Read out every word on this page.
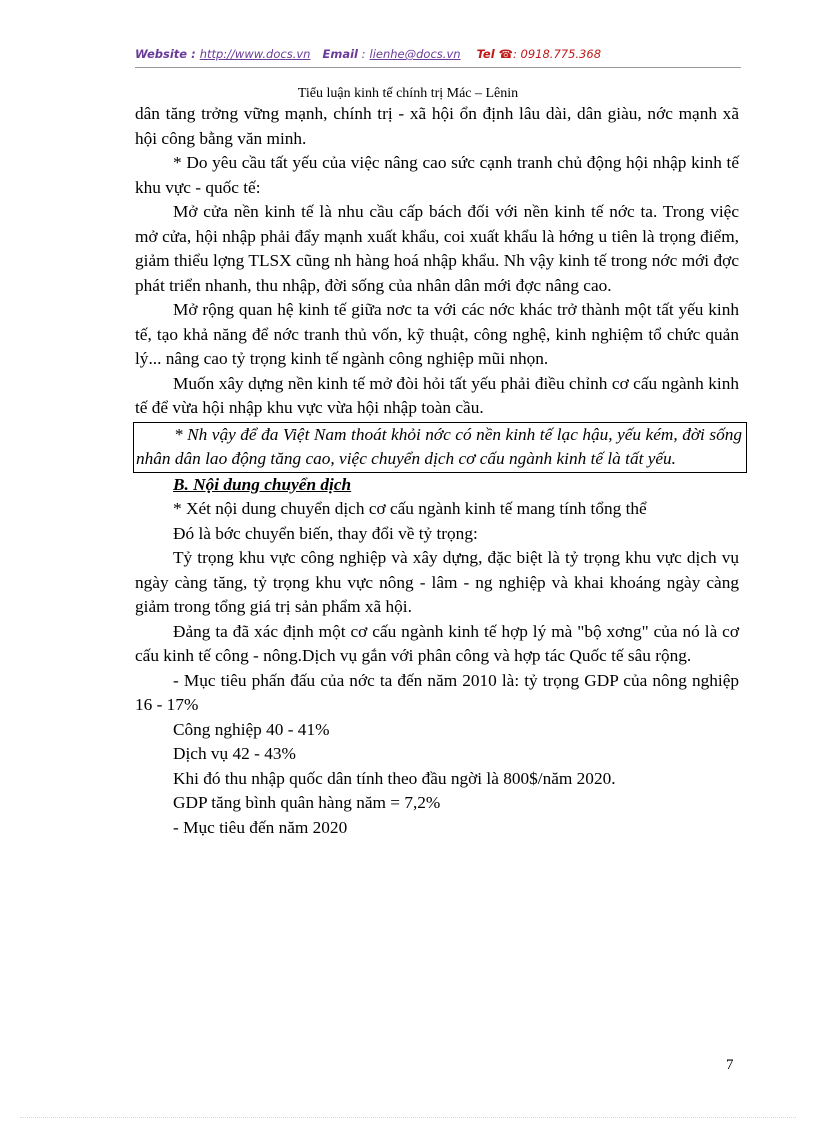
Website : http://www.docs.vn Email : lienhe@docs.vn Tel ☎: 0918.775.368
Tiểu luận kinh tế chính trị Mác – Lênin

dân tăng trởng vững mạnh, chính trị - xã hội ổn định lâu dài, dân giàu, nớc mạnh xã hội công bằng văn minh.

* Do yêu cầu tất yếu của việc nâng cao sức cạnh tranh chủ động hội nhập kinh tế khu vực - quốc tế:

Mở cửa nền kinh tế là nhu cầu cấp bách đối với nền kinh tế nớc ta. Trong việc mở cửa, hội nhập phải đẩy mạnh xuất khẩu, coi xuất khẩu là hớng u tiên là trọng điểm, giảm thiểu lợng TLSX cũng nh hàng hoá nhập khẩu. Nh vậy kinh tế trong nớc mới đợc phát triển nhanh, thu nhập, đời sống của nhân dân mới đợc nâng cao.

Mở rộng quan hệ kinh tế giữa nơc ta với các nớc khác trở thành một tất yếu kinh tế, tạo khả năng để nớc tranh thủ vốn, kỹ thuật, công nghệ, kinh nghiệm tổ chức quản lý... nâng cao tỷ trọng kinh tế ngành công nghiệp mũi nhọn.

Muốn xây dựng nền kinh tế mở đòi hỏi tất yếu phải điều chỉnh cơ cấu ngành kinh tế để vừa hội nhập khu vực vừa hội nhập toàn cầu.

* Nh vậy để đa Việt Nam thoát khỏi nớc có nền kinh tế lạc hậu, yếu kém, đời sống nhân dân lao động tăng cao, việc chuyển dịch cơ cấu ngành kinh tế là tất yếu.

B. Nội dung chuyển dịch

* Xét nội dung chuyển dịch cơ cấu ngành kinh tế mang tính tổng thể

Đó là bớc chuyển biến, thay đổi về tỷ trọng:

Tỷ trọng khu vực công nghiệp và xây dựng, đặc biệt là tỷ trọng khu vực dịch vụ ngày càng tăng, tỷ trọng khu vực nông - lâm - ng nghiệp và khai khoáng ngày càng giảm trong tổng giá trị sản phẩm xã hội.

Đảng ta đã xác định một cơ cấu ngành kinh tế hợp lý mà "bộ xơng" của nó là cơ cấu kinh tế công - nông.Dịch vụ gắn với phân công và hợp tác Quốc tế sâu rộng.

- Mục tiêu phấn đấu của nớc ta đến năm 2010 là: tỷ trọng GDP của nông nghiệp 16 - 17%

Công nghiệp 40 - 41%

Dịch vụ 42 - 43%

Khi đó thu nhập quốc dân tính theo đầu ngời là 800$/năm 2020.

GDP tăng bình quân hàng năm = 7,2%

- Mục tiêu đến năm 2020

7
